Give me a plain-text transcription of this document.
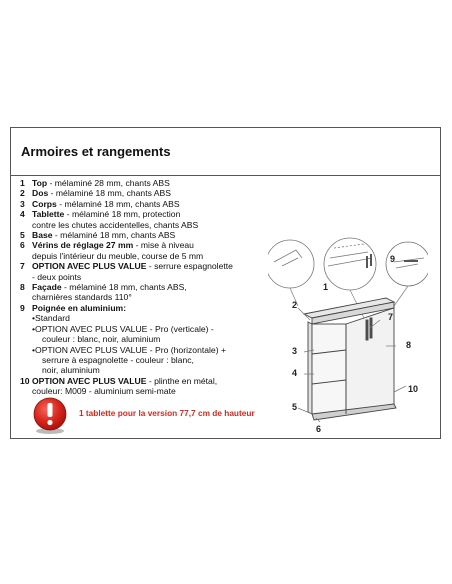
Armoires et rangements
1 Top - mélaminé 28 mm, chants ABS
2 Dos - mélaminé 18 mm, chants ABS
3 Corps - mélaminé 18 mm, chants ABS
4 Tablette - mélaminé 18 mm, protection
contre les chutes accidentelles, chants ABS
5 Base - mélaminé 18 mm, chants ABS
6 Vérins de réglage 27 mm - mise à niveau
depuis l'intérieur du meuble, course de 5 mm
7 OPTION AVEC PLUS VALUE - serrure espagnolette
- deux points
8 Façade - mélaminé 18 mm, chants ABS,
charnières standards 110°
9 Poignée en aluminium:
•Standard
•OPTION AVEC PLUS VALUE - Pro (verticale) -
couleur : blanc, noir, aluminium
•OPTION AVEC PLUS VALUE - Pro (horizontale) +
serrure à espagnolette - couleur : blanc,
noir, aluminium
10 OPTION AVEC PLUS VALUE - plinthe en métal,
couleur: M009 - aluminium semi-mate
1 tablette pour la version 77,7 cm de hauteur
1
2
3
4
5
6
7
8
9
10
